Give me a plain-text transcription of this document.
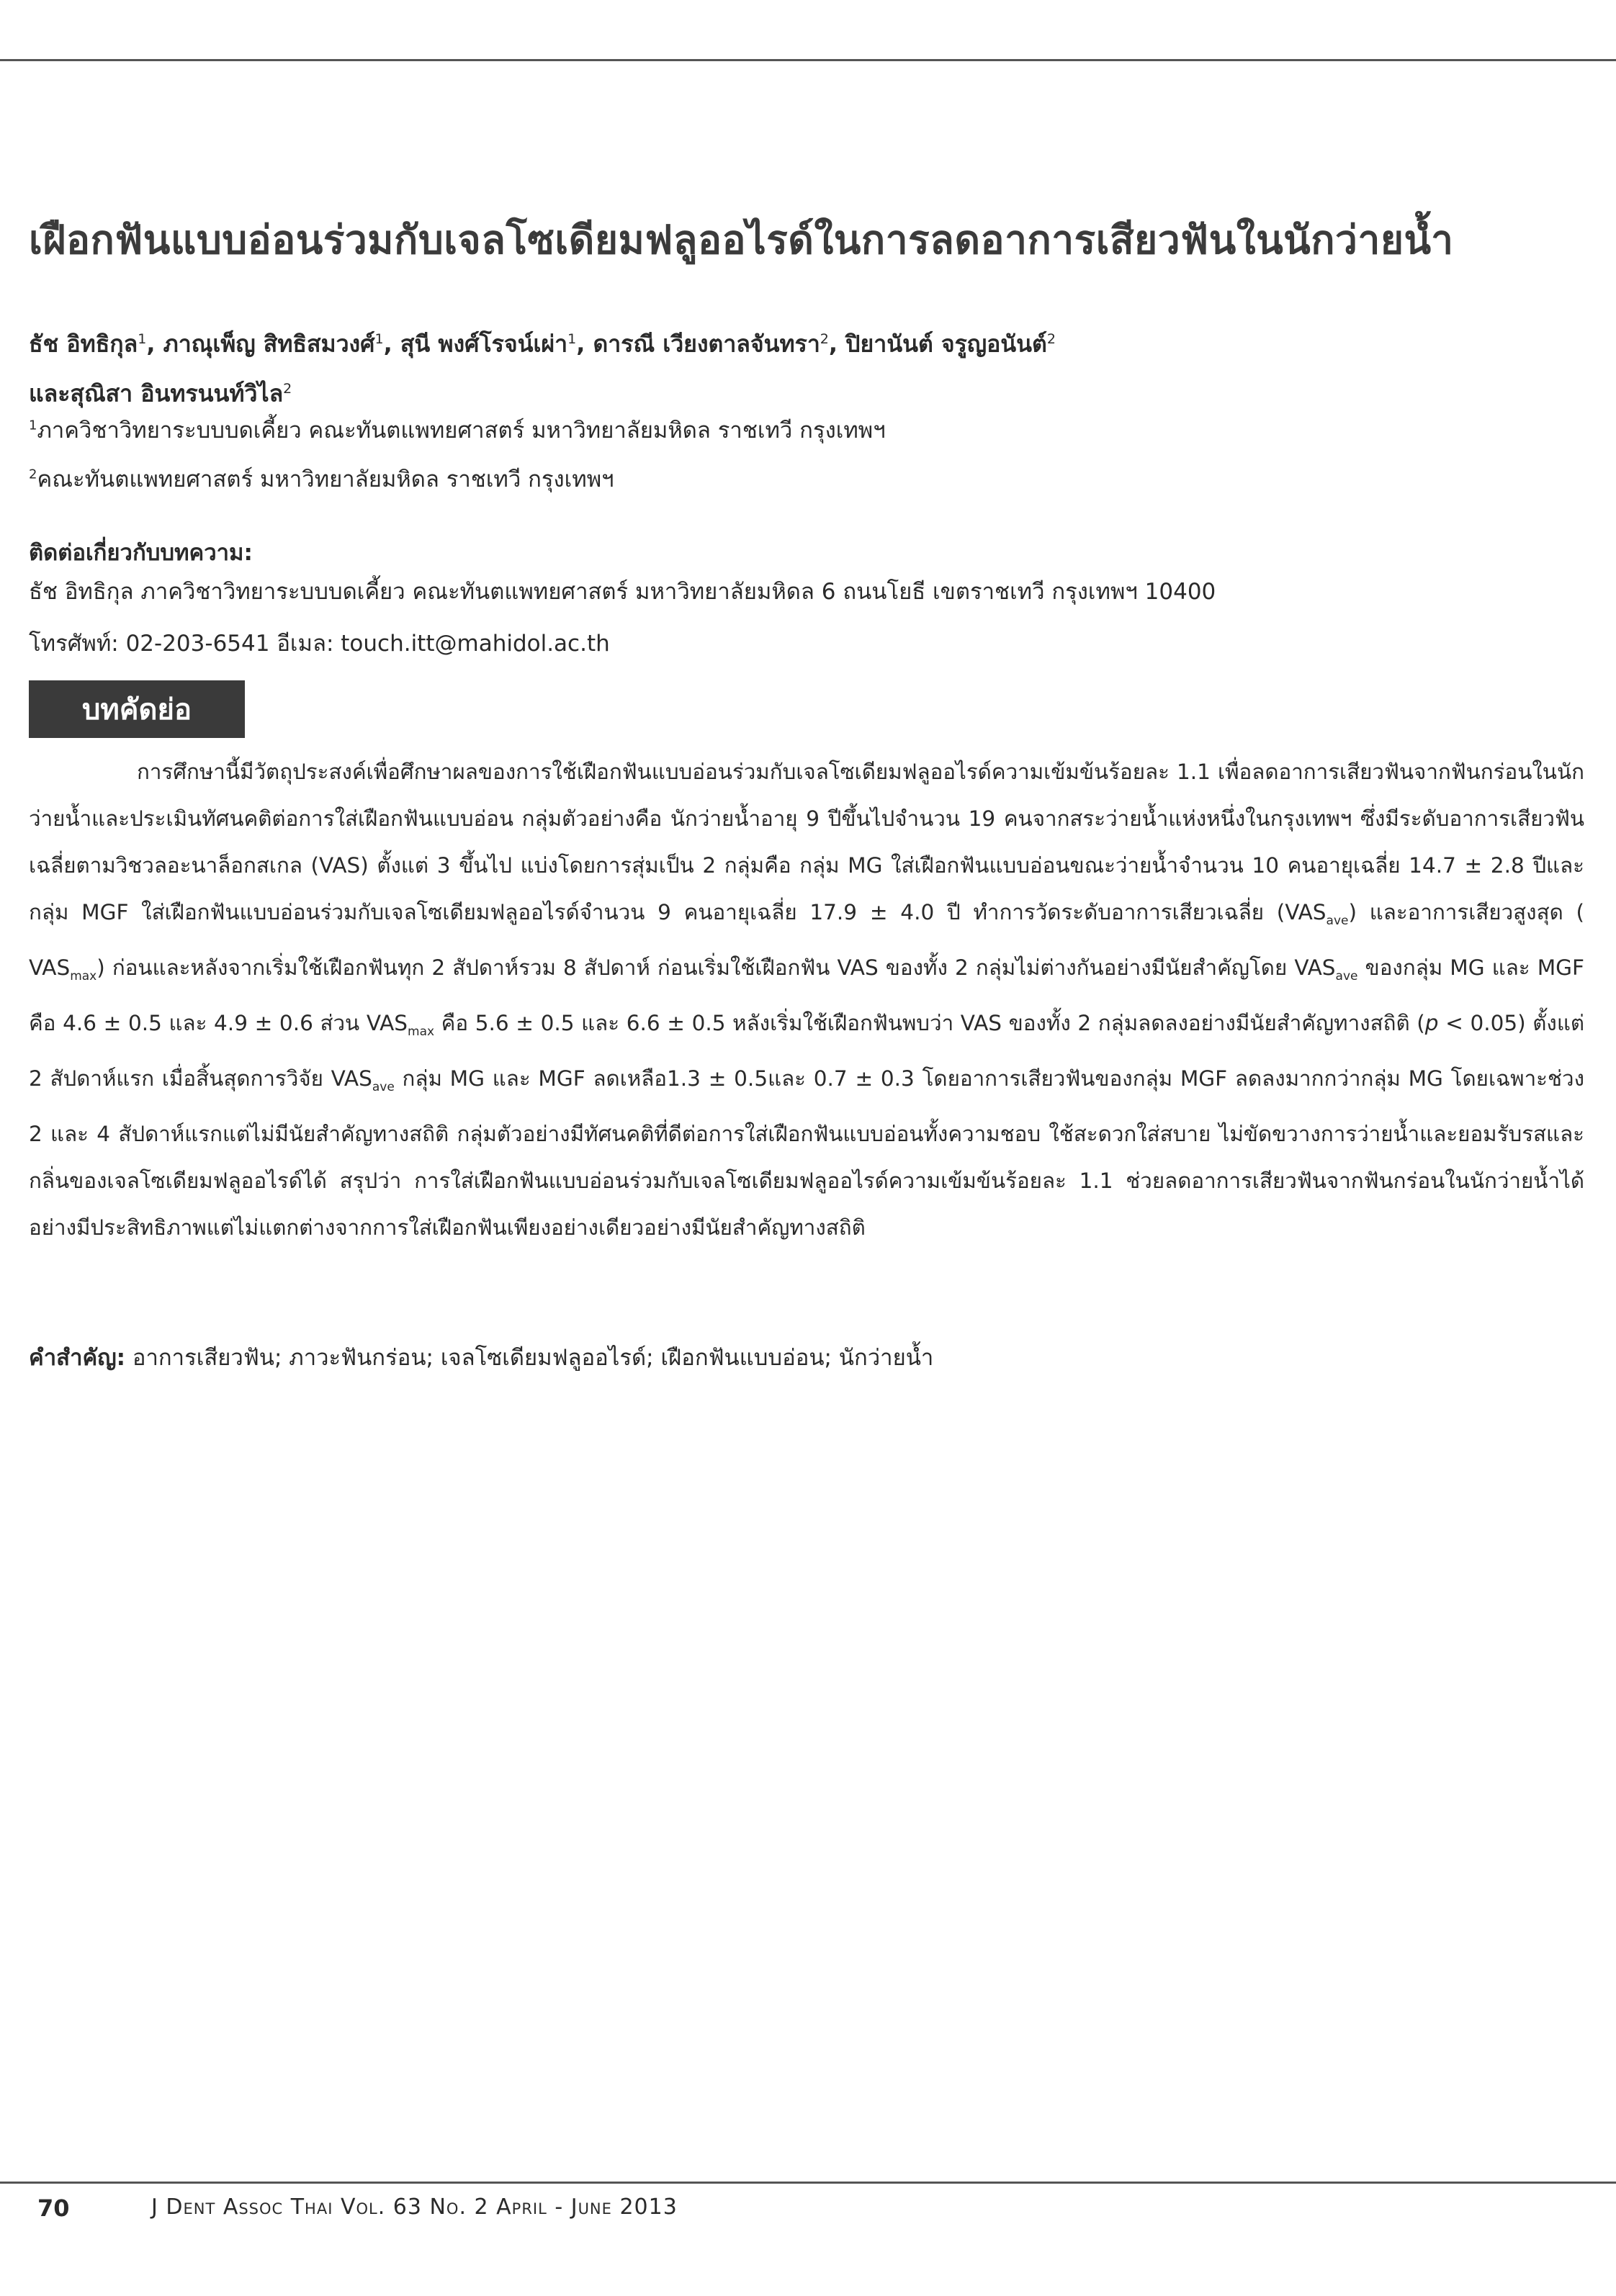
เฝือกฟันแบบอ่อนร่วมกับเจลโซเดียมฟลูออไรด์ในการลดอาการเสียวฟันในนักว่ายน้ำ
ธัช อิทธิกุล$^1$, ภาณุเพ็ญ สิทธิสมวงศ์$^1$, สุนี พงศ์โรจน์เผ่า$^1$, ดารณี เวียงตาลจันทรา$^2$, ปิยานันต์ จรูญอนันต์$^2$
และสุณิสา อินทรนนท์วิไล$^2$
$^1$ภาควิชาวิทยาระบบบดเคี้ยว คณะทันตแพทยศาสตร์ มหาวิทยาลัยมหิดล ราชเทวี กรุงเทพฯ
$^2$คณะทันตแพทยศาสตร์ มหาวิทยาลัยมหิดล ราชเทวี กรุงเทพฯ
ติดต่อเกี่ยวกับบทความ:
ธัช อิทธิกุล ภาควิชาวิทยาระบบบดเคี้ยว คณะทันตแพทยศาสตร์ มหาวิทยาลัยมหิดล 6 ถนนโยธี เขตราชเทวี กรุงเทพฯ 10400
โทรศัพท์: 02-203-6541 อีเมล: touch.itt@mahidol.ac.th
บทคัดย่อ

การศึกษานี้มีวัตถุประสงค์เพื่อศึกษาผลของการใช้เฝือกฟันแบบอ่อนร่วมกับเจลโซเดียมฟลูออไรด์ความเข้มข้นร้อยละ 1.1 เพื่อลดอาการเสียวฟันจากฟันกร่อนในนักว่ายน้ำและประเมินทัศนคติต่อการใส่เฝือกฟันแบบอ่อน กลุ่มตัวอย่างคือ นักว่ายน้ำอายุ 9 ปีขึ้นไปจำนวน 19 คนจากสระว่ายน้ำแห่งหนึ่งในกรุงเทพฯ ซึ่งมีระดับอาการเสียวฟันเฉลี่ยตามวิชวลอะนาล็อกสเกล (VAS) ตั้งแต่ 3 ขึ้นไป แบ่งโดยการสุ่มเป็น 2 กลุ่มคือ กลุ่ม MG ใส่เฝือกฟันแบบอ่อนขณะว่ายน้ำจำนวน 10 คนอายุเฉลี่ย 14.7 ± 2.8 ปีและกลุ่ม MGF ใส่เฝือกฟันแบบอ่อนร่วมกับเจลโซเดียมฟลูออไรด์จำนวน 9 คนอายุเฉลี่ย 17.9 ± 4.0 ปี ทำการวัดระดับอาการเสียวเฉลี่ย $(VAS_{ave})$ และอาการเสียวสูงสุด ( $VAS_{max}$) ก่อนและหลังจากเริ่มใช้เฝือกฟันทุก 2 สัปดาห์รวม 8 สัปดาห์ ก่อนเริ่มใช้เฝือกฟัน VAS ของทั้ง 2 กลุ่มไม่ต่างกันอย่างมีนัยสำคัญโดย $VAS_{ave}$ ของกลุ่ม MG และ MGF คือ 4.6 ± 0.5 และ 4.9 ± 0.6 ส่วน $VAS_{max}$ คือ 5.6 ± 0.5 และ 6.6 ± 0.5 หลังเริ่มใช้เฝือกฟันพบว่า VAS ของทั้ง 2 กลุ่มลดลงอย่างมีนัยสำคัญทางสถิติ (p < 0.05) ตั้งแต่ 2 สัปดาห์แรก เมื่อสิ้นสุดการวิจัย $VAS_{ave}$ กลุ่ม MG และ MGF ลดเหลือ1.3 ± 0.5และ 0.7 ± 0.3 โดยอาการเสียวฟันของกลุ่ม MGF ลดลงมากกว่ากลุ่ม MG โดยเฉพาะช่วง 2 และ 4 สัปดาห์แรกแต่ไม่มีนัยสำคัญทางสถิติ กลุ่มตัวอย่างมีทัศนคติที่ดีต่อการใส่เฝือกฟันแบบอ่อนทั้งความชอบ ใช้สะดวกใส่สบาย ไม่ขัดขวางการว่ายน้ำและยอมรับรสและกลิ่นของเจลโซเดียมฟลูออไรด์ได้ สรุปว่า การใส่เฝือกฟันแบบอ่อนร่วมกับเจลโซเดียมฟลูออไรด์ความเข้มข้นร้อยละ 1.1 ช่วยลดอาการเสียวฟันจากฟันกร่อนในนักว่ายน้ำได้อย่างมีประสิทธิภาพแต่ไม่แตกต่างจากการใส่เฝือกฟันเพียงอย่างเดียวอย่างมีนัยสำคัญทางสถิติ

คำสำคัญ: อาการเสียวฟัน; ภาวะฟันกร่อน; เจลโซเดียมฟลูออไรด์; เฝือกฟันแบบอ่อน; นักว่ายน้ำ
70	J Dent Assoc Thai Vol. 63 No. 2 April - June 2013
